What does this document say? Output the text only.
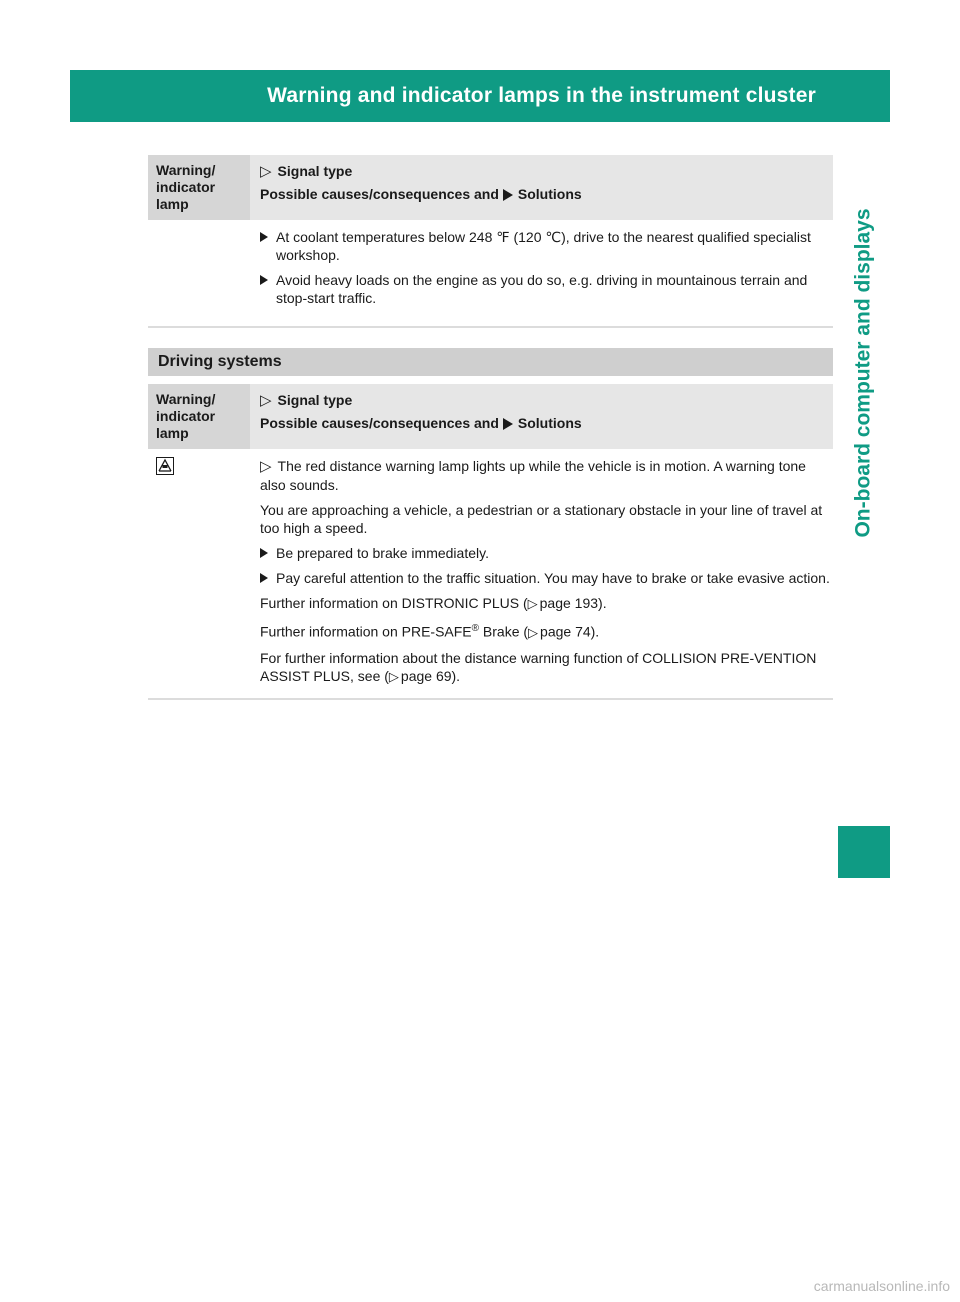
Warning and indicator lamps in the instrument cluster	327
On-board computer and displays
Warning/ indicator lamp
▷ Signal type
Possible causes/consequences and Solutions
At coolant temperatures below 248 ℉ (120 ℃), drive to the nearest qualified specialist workshop.
Avoid heavy loads on the engine as you do so, e.g. driving in mountainous terrain and stop-start traffic.
Driving systems
Warning/ indicator lamp
▷ Signal type
Possible causes/consequences and Solutions

▷ The red distance warning lamp lights up while the vehicle is in motion. A warning tone also sounds.

You are approaching a vehicle, a pedestrian or a stationary obstacle in your line of travel at too high a speed.

Be prepared to brake immediately.
Pay careful attention to the traffic situation. You may have to brake or take evasive action.

Further information on DISTRONIC PLUS (▷ page 193).

Further information on PRE-SAFE® Brake (▷ page 74).

For further information about the distance warning function of COLLISION PRE-VENTION ASSIST PLUS, see (▷ page 69).

carmanualsonline.info
